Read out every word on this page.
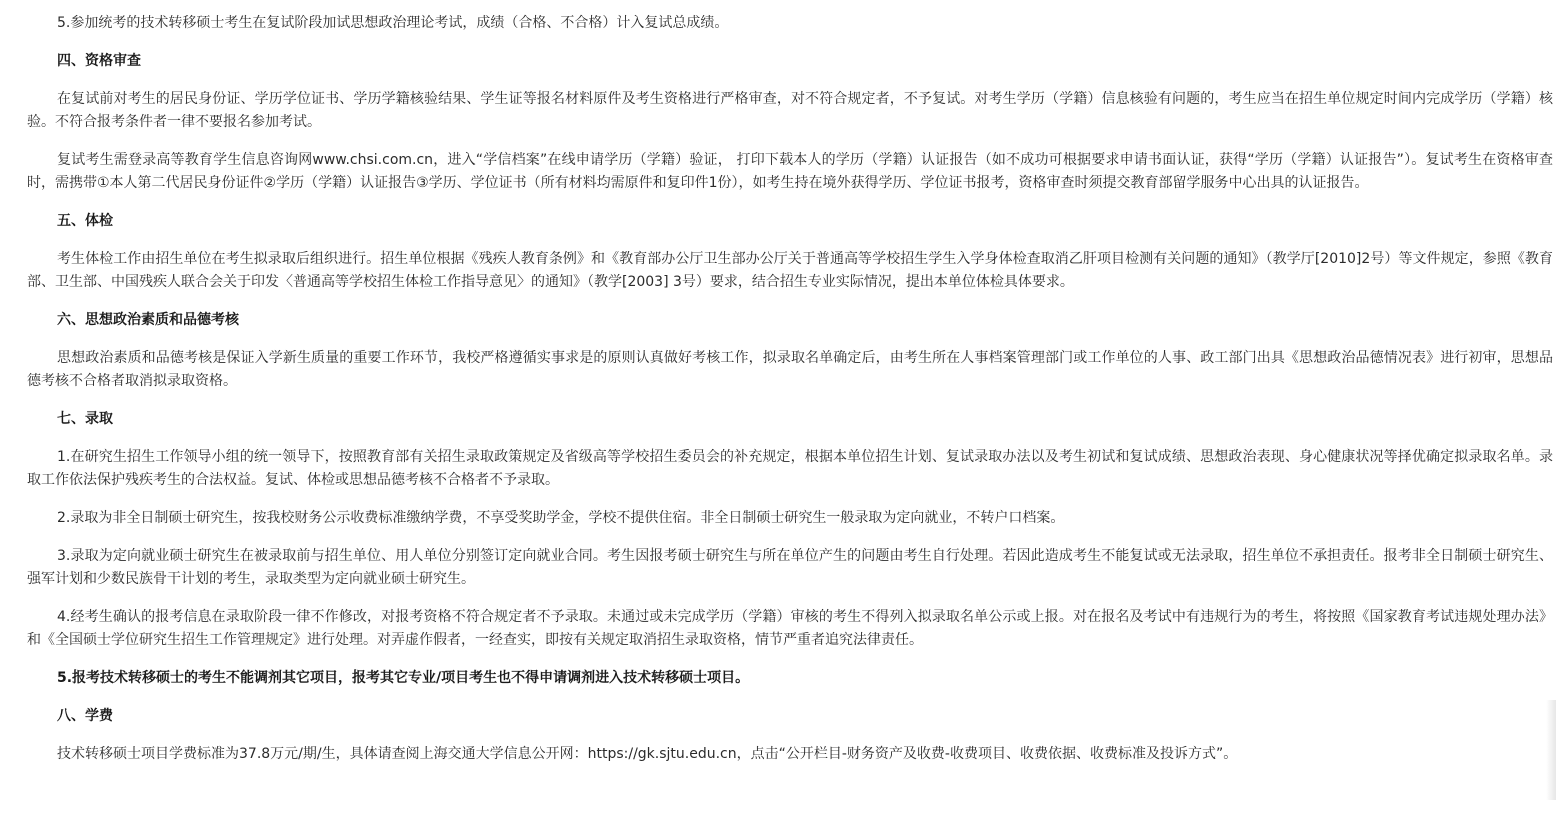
5.参加统考的技术转移硕士考生在复试阶段加试思想政治理论考试，成绩（合格、不合格）计入复试总成绩。
四、资格审查
在复试前对考生的居民身份证、学历学位证书、学历学籍核验结果、学生证等报名材料原件及考生资格进行严格审查，对不符合规定者，不予复试。对考生学历（学籍）信息核验有问题的，考生应当在招生单位规定时间内完成学历（学籍）核验。不符合报考条件者一律不要报名参加考试。
复试考生需登录高等教育学生信息咨询网www.chsi.com.cn，进入“学信档案”在线申请学历（学籍）验证， 打印下载本人的学历（学籍）认证报告（如不成功可根据要求申请书面认证，获得“学历（学籍）认证报告”）。复试考生在资格审查时，需携带①本人第二代居民身份证件②学历（学籍）认证报告③学历、学位证书（所有材料均需原件和复印件1份），如考生持在境外获得学历、学位证书报考，资格审查时须提交教育部留学服务中心出具的认证报告。
五、体检
考生体检工作由招生单位在考生拟录取后组织进行。招生单位根据《残疾人教育条例》和《教育部办公厅卫生部办公厅关于普通高等学校招生学生入学身体检查取消乙肝项目检测有关问题的通知》（教学厅[2010]2号）等文件规定，参照《教育部、卫生部、中国残疾人联合会关于印发〈普通高等学校招生体检工作指导意见〉的通知》（教学[2003] 3号）要求，结合招生专业实际情况，提出本单位体检具体要求。
六、思想政治素质和品德考核
思想政治素质和品德考核是保证入学新生质量的重要工作环节，我校严格遵循实事求是的原则认真做好考核工作，拟录取名单确定后，由考生所在人事档案管理部门或工作单位的人事、政工部门出具《思想政治品德情况表》进行初审，思想品德考核不合格者取消拟录取资格。
七、录取
1.在研究生招生工作领导小组的统一领导下，按照教育部有关招生录取政策规定及省级高等学校招生委员会的补充规定，根据本单位招生计划、复试录取办法以及考生初试和复试成绩、思想政治表现、身心健康状况等择优确定拟录取名单。录取工作依法保护残疾考生的合法权益。复试、体检或思想品德考核不合格者不予录取。
2.录取为非全日制硕士研究生，按我校财务公示收费标准缴纳学费，不享受奖助学金，学校不提供住宿。非全日制硕士研究生一般录取为定向就业，不转户口档案。
3.录取为定向就业硕士研究生在被录取前与招生单位、用人单位分别签订定向就业合同。考生因报考硕士研究生与所在单位产生的问题由考生自行处理。若因此造成考生不能复试或无法录取，招生单位不承担责任。报考非全日制硕士研究生、强军计划和少数民族骨干计划的考生，录取类型为定向就业硕士研究生。
4.经考生确认的报考信息在录取阶段一律不作修改，对报考资格不符合规定者不予录取。未通过或未完成学历（学籍）审核的考生不得列入拟录取名单公示或上报。对在报名及考试中有违规行为的考生，将按照《国家教育考试违规处理办法》和《全国硕士学位研究生招生工作管理规定》进行处理。对弄虚作假者，一经查实，即按有关规定取消招生录取资格，情节严重者追究法律责任。
5.报考技术转移硕士的考生不能调剂其它项目，报考其它专业/项目考生也不得申请调剂进入技术转移硕士项目。
八、学费
技术转移硕士项目学费标准为37.8万元/期/生，具体请查阅上海交通大学信息公开网：https://gk.sjtu.edu.cn，点击“公开栏目-财务资产及收费-收费项目、收费依据、收费标准及投诉方式”。
